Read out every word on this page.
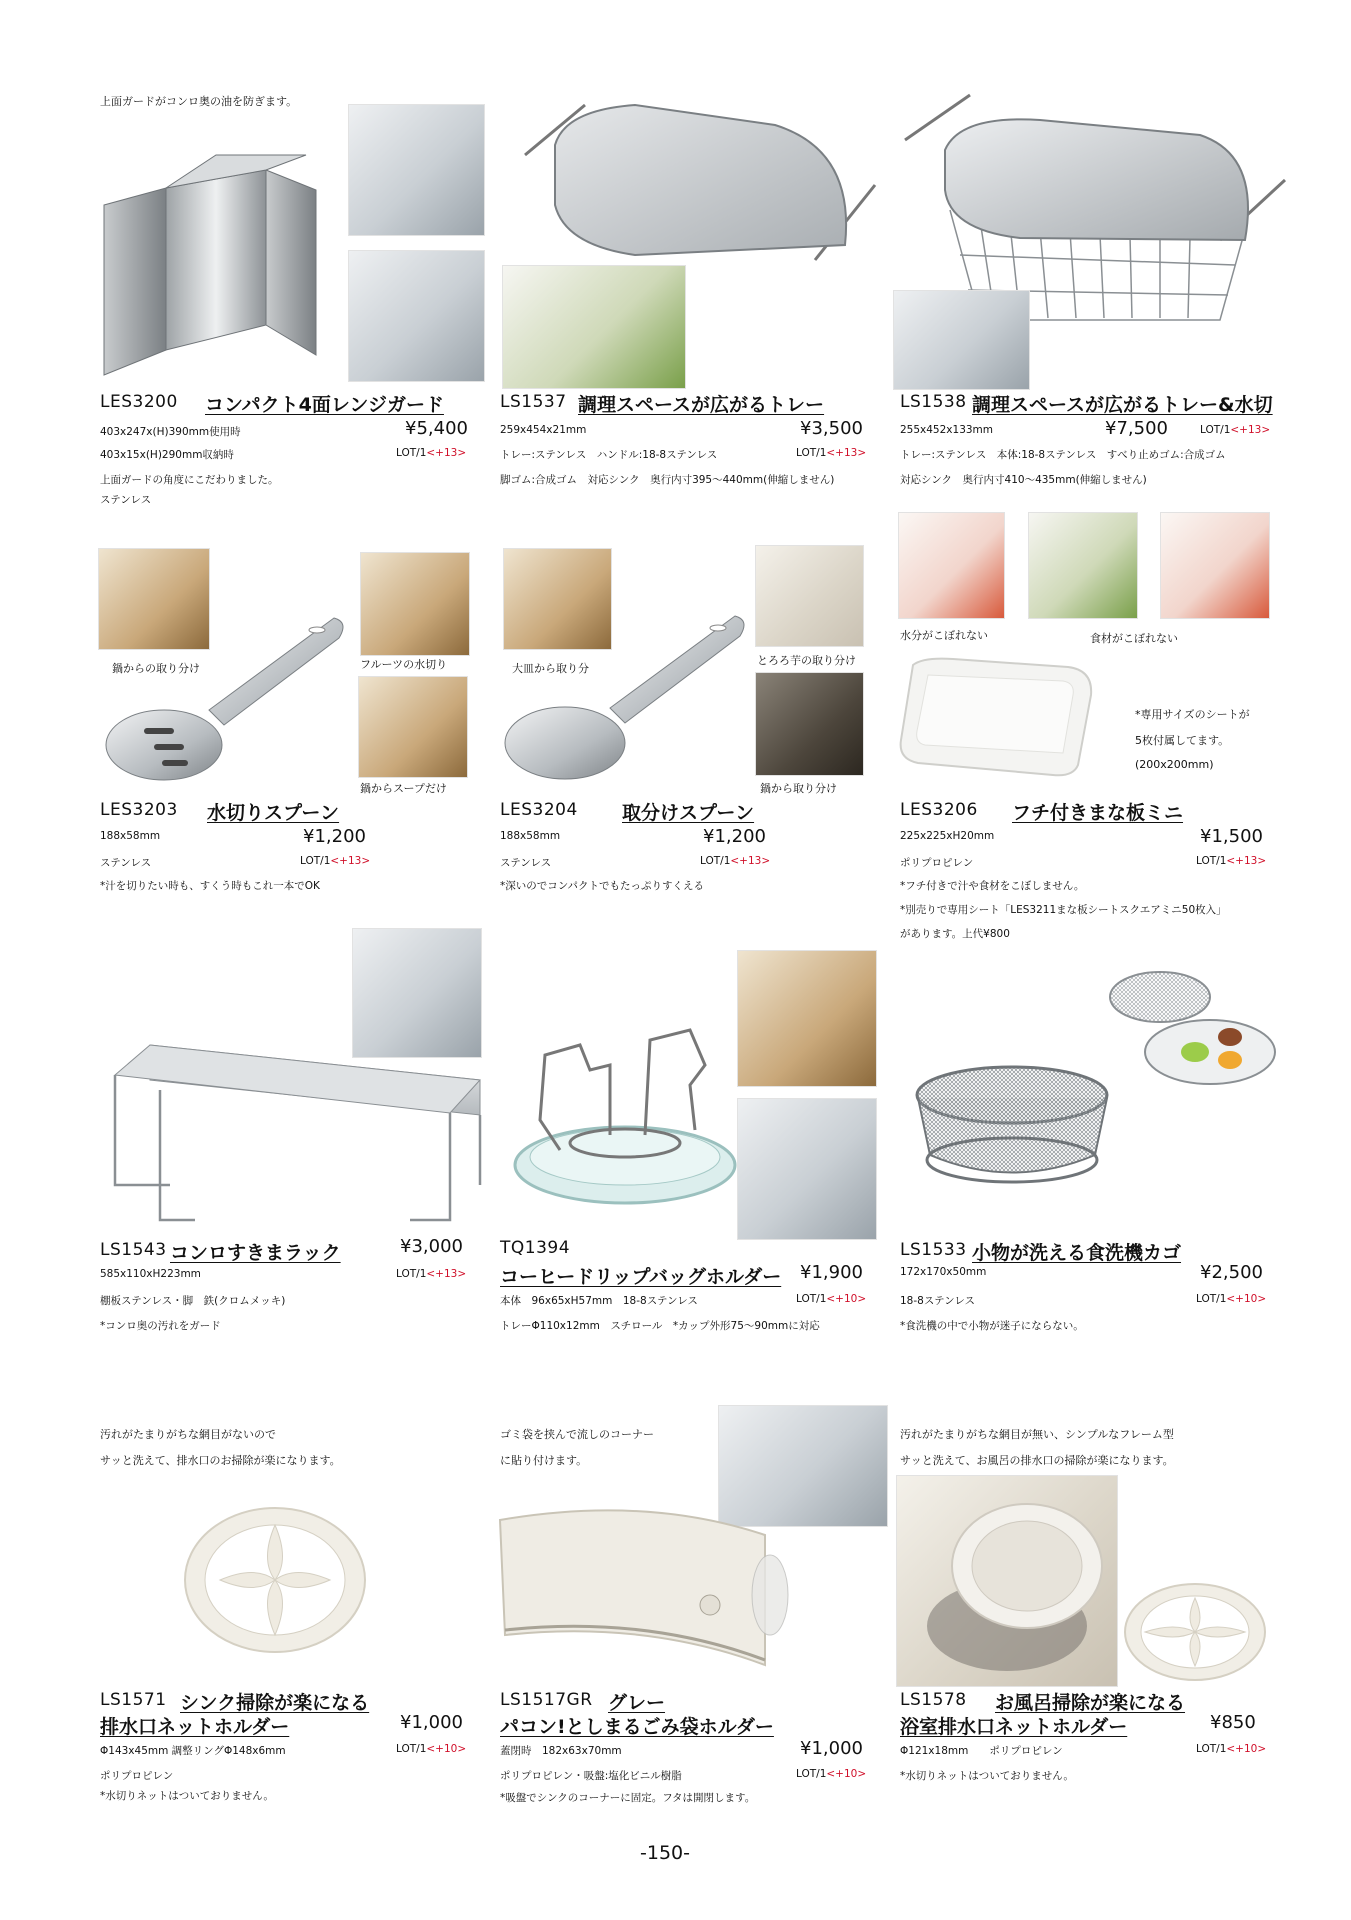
上面ガードがコンロ奥の油を防ぎます。
LES3200 コンパクト4面レンジガード
403x247x(H)390mm使用時	¥5,400
403x15x(H)290mm収納時	LOT/1<+13>
上面ガードの角度にこだわりました。
ステンレス
LS1537 調理スペースが広がるトレー
259x454x21mm	¥3,500
トレー:ステンレス　ハンドル:18-8ステンレス	LOT/1<+13>
脚ゴム:合成ゴム　対応シンク　奥行内寸395～440mm(伸縮しません)
LS1538 調理スペースが広がるトレー&水切
255x452x133mm	¥7,500	LOT/1<+13>
トレー:ステンレス　本体:18-8ステンレス　すべり止めゴム:合成ゴム
対応シンク　奥行内寸410～435mm(伸縮しません)
鍋からの取り分け	フルーツの水切り
鍋からスープだけ
LES3203 水切りスプーン
188x58mm	¥1,200
ステンレス	LOT/1<+13>
*汁を切りたい時も、すくう時もこれ一本でOK
大皿から取り分
とろろ芋の取り分け
鍋から取り分け
LES3204 取分けスプーン
188x58mm	¥1,200
ステンレス	LOT/1<+13>
*深いのでコンパクトでもたっぷりすくえる
水分がこぼれない	食材がこぼれない
*専用サイズのシートが
5枚付属してます。
(200x200mm)
LES3206 フチ付きまな板ミニ
225x225xH20mm	¥1,500
ポリプロピレン	LOT/1<+13>
*フチ付きで汁や食材をこぼしません。
*別売りで専用シート「LES3211まな板シートスクエアミニ50枚入」
があります。上代¥800
LS1543 コンロすきまラック	¥3,000
585x110xH223mm	LOT/1<+13>
棚板ステンレス・脚　鉄(クロムメッキ)
*コンロ奥の汚れをガード
TQ1394
コーヒードリップバッグホルダー ¥1,900
本体　96x65xH57mm　18-8ステンレス	LOT/1<+10>
トレーΦ110x12mm　スチロール　*カップ外形75～90mmに対応
LS1533 小物が洗える食洗機カゴ
172x170x50mm	¥2,500
18-8ステンレス	LOT/1<+10>
*食洗機の中で小物が迷子にならない。
汚れがたまりがちな網目がないので
サッと洗えて、排水口のお掃除が楽になります。
LS1571 シンク掃除が楽になる
排水口ネットホルダー	¥1,000
Φ143x45mm 調整リングΦ148x6mm	LOT/1<+10>
ポリプロピレン
*水切りネットはついておりません。
ゴミ袋を挟んで流しのコーナー
に貼り付けます。
LS1517GR グレー
パコン!としまるごみ袋ホルダー
蓋閉時　182x63x70mm	¥1,000
ポリプロピレン・吸盤:塩化ビニル樹脂	LOT/1<+10>
*吸盤でシンクのコーナーに固定。フタは開閉します。
汚れがたまりがちな網目が無い、シンプルなフレーム型
サッと洗えて、お風呂の排水口の掃除が楽になります。
LS1578 お風呂掃除が楽になる
浴室排水口ネットホルダー	¥850
Φ121x18mm　　ポリプロピレン	LOT/1<+10>
*水切りネットはついておりません。
-150-
